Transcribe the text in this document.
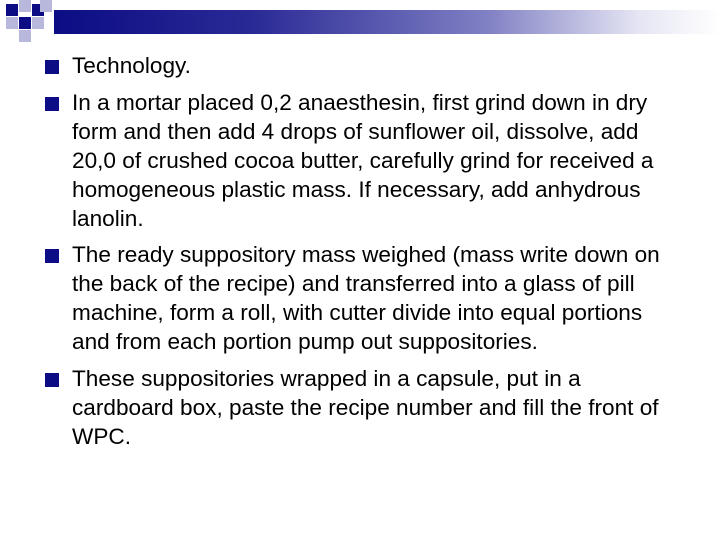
Technology.
In a mortar placed 0,2 anaesthesin, first grind down in dry form and then add 4 drops of sunflower oil, dissolve, add 20,0 of crushed cocoa butter, carefully grind for received a homogeneous plastic mass. If necessary, add anhydrous lanolin.
The ready suppository mass weighed (mass write down on the back of the recipe) and transferred into a glass of pill machine, form a roll, with cutter divide into equal portions and from each portion pump out suppositories.
These suppositories wrapped in a capsule, put in a cardboard box, paste the recipe number and fill the front of WPC.
